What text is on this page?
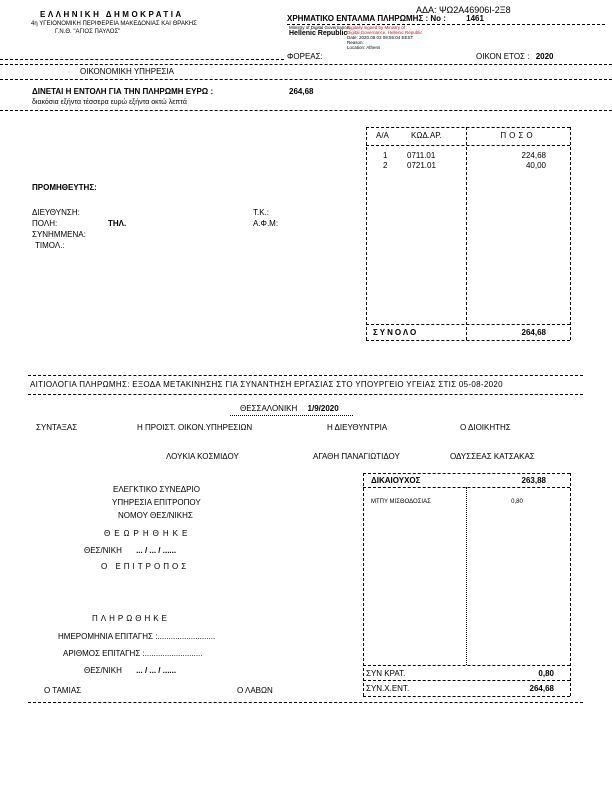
ΕΛΛΗΝΙΚΗ ΔΗΜΟΚΡΑΤΙΑ
4η ΥΓΕΙΟΝΟΜΙΚΗ ΠΕΡΙΦΕΡΕΙΑ ΜΑΚΕΔΟΝΙΑΣ ΚΑΙ ΘΡΑΚΗΣ
Γ.Ν.Θ. "ΑΓΙΟΣ ΠΑΥΛΟΣ"
ΑΔΑ: ΨΩ2Α46906Ι-2Ξ8
ΧΡΗΜΑΤΙΚΟ ΕΝΤΑΛΜΑ ΠΛΗΡΩΜΗΣ : Νο :	1461
Ministry of Digital Governance,
Hellenic Republic
Digitally signed by Ministry of
Digital Governance, Hellenic Republic
Date: 2020.09.03 09:55:04 EEST
Reason:
Location: Athens
ΦΟΡΕΑΣ:	ΟΙΚΟΝ ΕΤΟΣ : 2020
ΟΙΚΟΝΟΜΙΚΗ ΥΠΗΡΕΣΙΑ
ΔΙΝΕΤΑΙ Η ΕΝΤΟΛΗ ΓΙΑ ΤΗΝ ΠΛΗΡΩΜΗ ΕΥΡΩ :	264,68
διακόσια εξήντα τέσσερα ευρώ εξήντα οκτώ λεπτά
Α/Α	ΚΩΔ.ΑΡ.	ΠΟΣΟ
1 0711.01	224,68
2 0721.01	40,00
ΣΥΝΟΛΟ	264,68
ΠΡΟΜΗΘΕΥΤΗΣ:
ΔΙΕΥΘΥΝΣΗ:	Τ.Κ.:
ΠΟΛΗ:	ΤΗΛ.	Α.Φ.Μ:
ΣΥΝΗΜΜΕΝΑ:
ΤΙΜΟΛ.:
ΑΙΤΙΟΛΟΓΙΑ ΠΛΗΡΩΜΗΣ: ΕΞΟΔΑ ΜΕΤΑΚΙΝΗΣΗΣ ΓΙΑ ΣΥΝΑΝΤΗΣΗ ΕΡΓΑΣΙΑΣ ΣΤΟ ΥΠΟΥΡΓΕΙΟ ΥΓΕΙΑΣ ΣΤΙΣ 05-08-2020
ΘΕΣΣΑΛΟΝΙΚΗ 1/9/2020
ΣΥΝΤΑΞΑΣ	Η ΠΡΟΙΣΤ. ΟΙΚΟΝ.ΥΠΗΡΕΣΙΩΝ	Η ΔΙΕΥΘΥΝΤΡΙΑ	Ο ΔΙΟΙΚΗΤΗΣ
ΛΟΥΚΙΑ ΚΟΣΜΙΔΟΥ	ΑΓΑΘΗ ΠΑΝΑΓΙΩΤΙΔΟΥ	ΟΔΥΣΣΕΑΣ ΚΑΤΣΑΚΑΣ
ΕΛΕΓΚΤΙΚΟ ΣΥΝΕΔΡΙΟ
ΥΠΗΡΕΣΙΑ ΕΠΙΤΡΟΠΟΥ
ΝΟΜΟΥ ΘΕΣ/ΝΙΚΗΣ
ΘΕΩΡΗΘΗΚΕ
ΘΕΣ/ΝΙΚΗ ... / ... / ......
Ο ΕΠΙΤΡΟΠΟΣ
ΔΙΚΑΙΟΥΧΟΣ	263,88
ΜΤΠΥ ΜΙΣΘΟΔΟΣΙΑΣ	0,80
ΠΛΗΡΩΘΗΚΕ
ΗΜΕΡΟΜΗΝΙΑ ΕΠΙΤΑΓΗΣ :..........................
ΑΡΙΘΜΟΣ ΕΠΙΤΑΓΗΣ :..........................
ΘΕΣ/ΝΙΚΗ ... / ... / ......
Ο ΤΑΜΙΑΣ	Ο ΛΑΒΩΝ
ΣΥΝ ΚΡΑΤ.	0,80
ΣΥΝ.Χ.ΕΝΤ.	264,68
